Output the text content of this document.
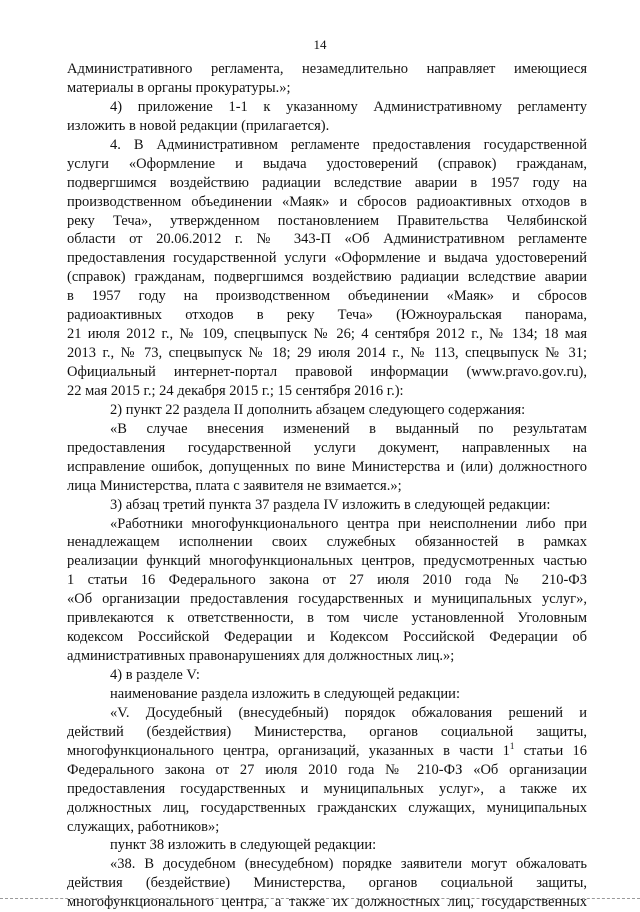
14
Административного регламента, незамедлительно направляет имеющиеся
материалы в органы прокуратуры.»;
4) приложение 1-1 к указанному Административному регламенту
изложить в новой редакции (прилагается).
4. В Административном регламенте предоставления государственной
услуги «Оформление и выдача удостоверений (справок) гражданам,
подвергшимся воздействию радиации вследствие аварии в 1957 году на
производственном объединении «Маяк» и сбросов радиоактивных отходов в
реку Теча», утвержденном постановлением Правительства Челябинской
области от 20.06.2012 г. № 343-П «Об Административном регламенте
предоставления государственной услуги «Оформление и выдача удостоверений
(справок) гражданам, подвергшимся воздействию радиации вследствие аварии
в 1957 году на производственном объединении «Маяк» и сбросов
радиоактивных отходов в реку Теча» (Южноуральская панорама,
21 июля 2012 г., № 109, спецвыпуск № 26; 4 сентября 2012 г., № 134; 18 мая
2013 г., № 73, спецвыпуск № 18; 29 июля 2014 г., № 113, спецвыпуск № 31;
Официальный интернет-портал правовой информации (www.pravo.gov.ru),
22 мая 2015 г.; 24 декабря 2015 г.; 15 сентября 2016 г.):
2) пункт 22 раздела II дополнить абзацем следующего содержания:
«В случае внесения изменений в выданный по результатам
предоставления государственной услуги документ, направленных на
исправление ошибок, допущенных по вине Министерства и (или) должностного
лица Министерства, плата с заявителя не взимается.»;
3) абзац третий пункта 37 раздела IV изложить в следующей редакции:
«Работники многофункционального центра при неисполнении либо при
ненадлежащем исполнении своих служебных обязанностей в рамках
реализации функций многофункциональных центров, предусмотренных частью
1 статьи 16 Федерального закона от 27 июля 2010 года № 210-ФЗ
«Об организации предоставления государственных и муниципальных услуг»,
привлекаются к ответственности, в том числе установленной Уголовным
кодексом Российской Федерации и Кодексом Российской Федерации об
административных правонарушениях для должностных лиц.»;
4) в разделе V:
наименование раздела изложить в следующей редакции:
«V. Досудебный (внесудебный) порядок обжалования решений и
действий (бездействия) Министерства, органов социальной защиты,
многофункционального центра, организаций, указанных в части $1^1$ статьи 16
Федерального закона от 27 июля 2010 года № 210-ФЗ «Об организации
предоставления государственных и муниципальных услуг», а также их
должностных лиц, государственных гражданских служащих, муниципальных
служащих, работников»;
пункт 38 изложить в следующей редакции:
«38. В досудебном (внесудебном) порядке заявители могут обжаловать
действия (бездействие) Министерства, органов социальной защиты,
многофункционального центра, а также их должностных лиц, государственных
